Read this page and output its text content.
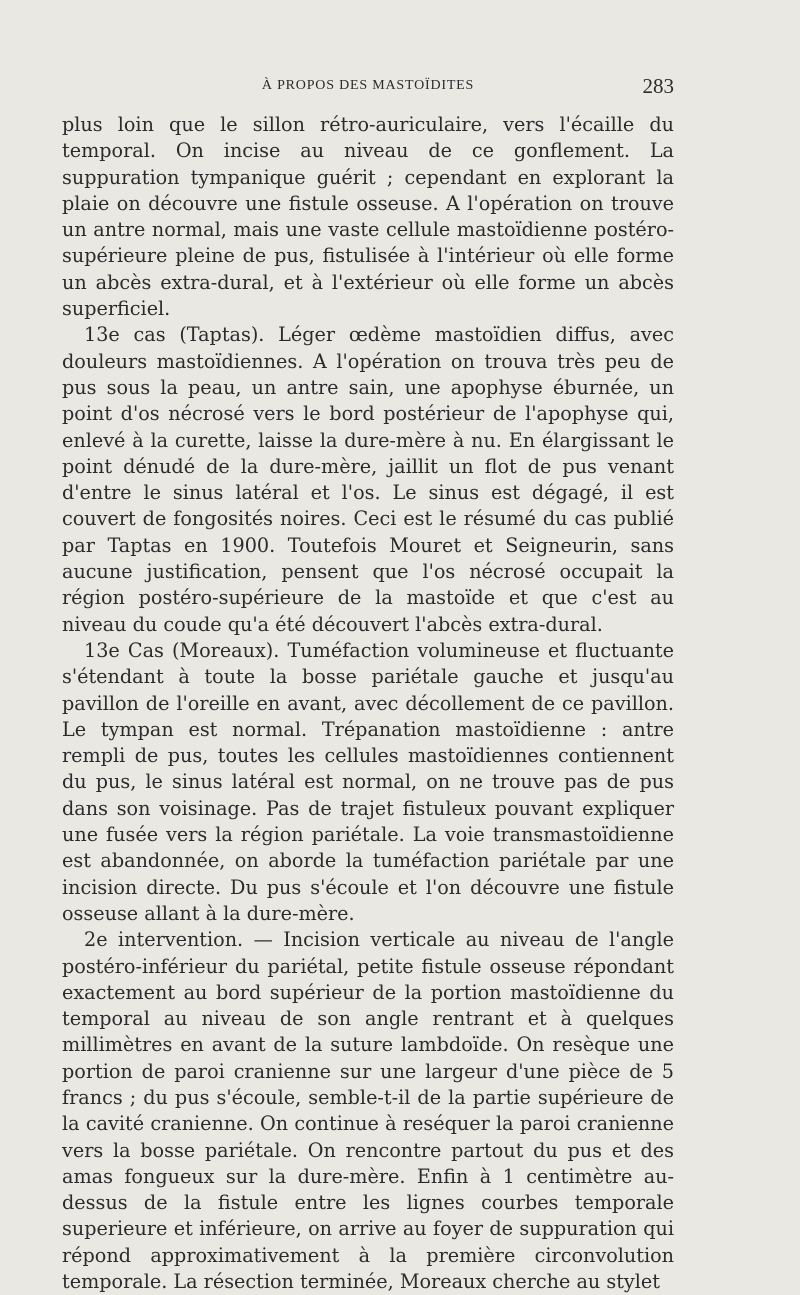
À PROPOS DES MASTOÏDITES	283

plus loin que le sillon rétro-auriculaire, vers l'écaille du temporal. On incise au niveau de ce gonflement. La suppuration tympanique guérit ; cependant en explorant la plaie on découvre une fistule osseuse. A l'opération on trouve un antre normal, mais une vaste cellule mastoïdienne postéro-supérieure pleine de pus, fistulisée à l'intérieur où elle forme un abcès extra-dural, et à l'extérieur où elle forme un abcès superficiel.

13e cas (Taptas). Léger œdème mastoïdien diffus, avec douleurs mastoïdiennes. A l'opération on trouva très peu de pus sous la peau, un antre sain, une apophyse éburnée, un point d'os nécrosé vers le bord postérieur de l'apophyse qui, enlevé à la curette, laisse la dure-mère à nu. En élargissant le point dénudé de la dure-mère, jaillit un flot de pus venant d'entre le sinus latéral et l'os. Le sinus est dégagé, il est couvert de fongosités noires. Ceci est le résumé du cas publié par Taptas en 1900. Toutefois Mouret et Seigneurin, sans aucune justification, pensent que l'os nécrosé occupait la région postéro-supérieure de la mastoïde et que c'est au niveau du coude qu'a été découvert l'abcès extra-dural.

13e Cas (Moreaux). Tuméfaction volumineuse et fluctuante s'étendant à toute la bosse pariétale gauche et jusqu'au pavillon de l'oreille en avant, avec décollement de ce pavillon. Le tympan est normal. Trépanation mastoïdienne : antre rempli de pus, toutes les cellules mastoïdiennes contiennent du pus, le sinus latéral est normal, on ne trouve pas de pus dans son voisinage. Pas de trajet fistuleux pouvant expliquer une fusée vers la région pariétale. La voie transmastoïdienne est abandonnée, on aborde la tuméfaction pariétale par une incision directe. Du pus s'écoule et l'on découvre une fistule osseuse allant à la dure-mère.

2e intervention. — Incision verticale au niveau de l'angle postéro-inférieur du pariétal, petite fistule osseuse répondant exactement au bord supérieur de la portion mastoïdienne du temporal au niveau de son angle rentrant et à quelques millimètres en avant de la suture lambdoïde. On resèque une portion de paroi cranienne sur une largeur d'une pièce de 5 francs ; du pus s'écoule, semble-t-il de la partie supérieure de la cavité cranienne. On continue à reséquer la paroi cranienne vers la bosse pariétale. On rencontre partout du pus et des amas fongueux sur la dure-mère. Enfin à 1 centimètre au-dessus de la fistule entre les lignes courbes temporale superieure et inférieure, on arrive au foyer de suppuration qui répond approximativement à la première circonvolution temporale. La résection terminée, Moreaux cherche au stylet
